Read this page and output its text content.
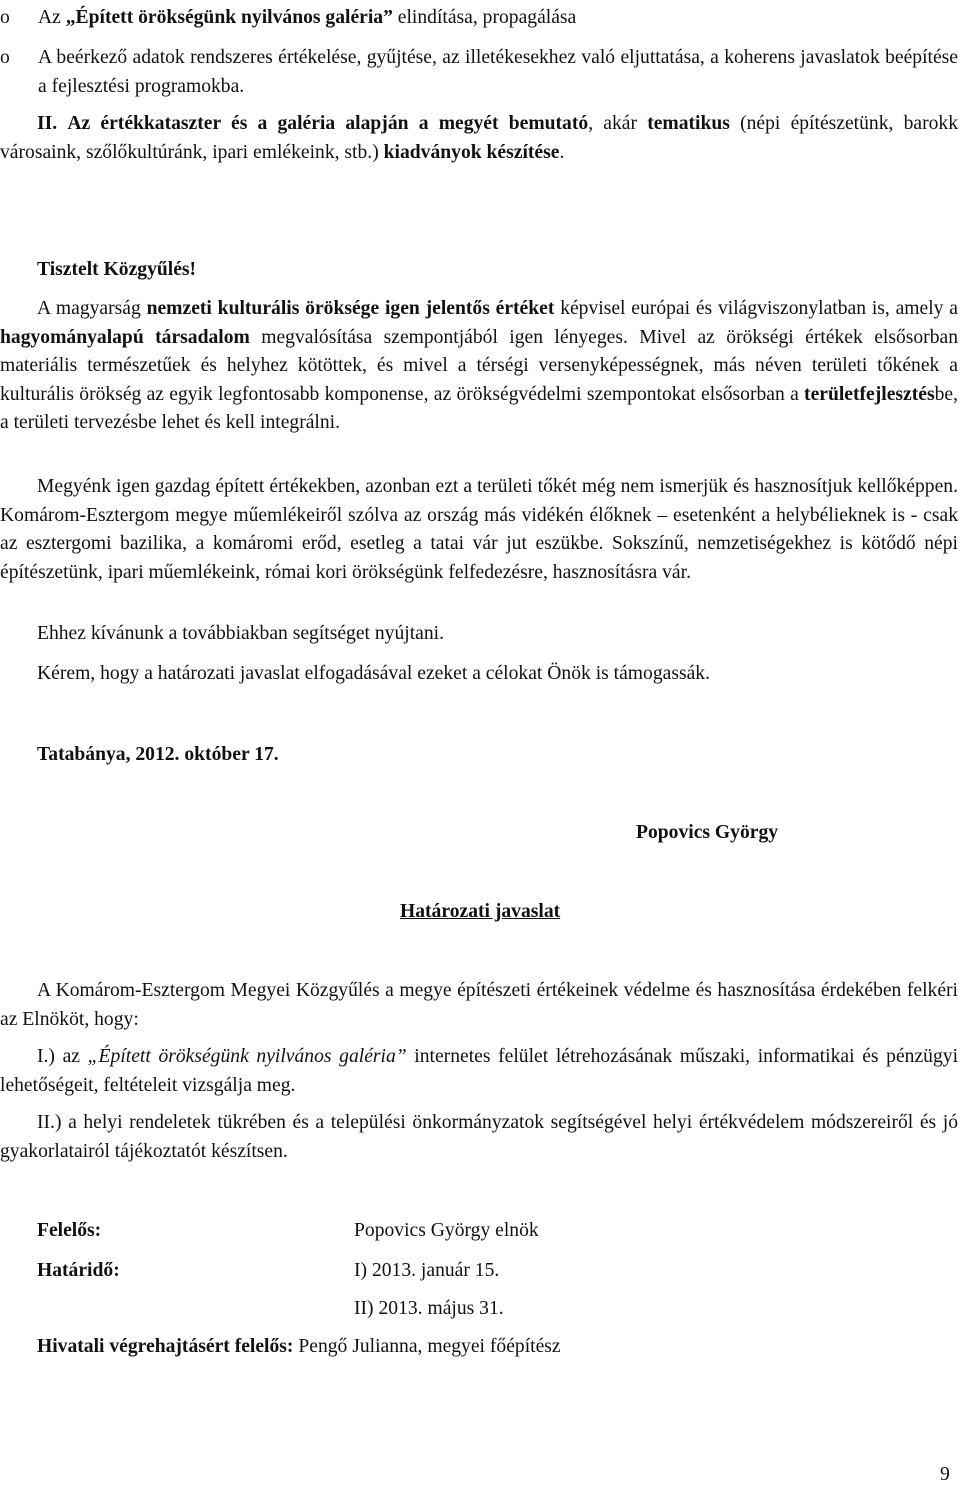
o Az „Épített örökségünk nyilvános galéria” elindítása, propagálása
o A beérkező adatok rendszeres értékelése, gyűjtése, az illetékesekhez való eljuttatása, a koherens javaslatok beépítése a fejlesztési programokba.
II. Az értékkataszter és a galéria alapján a megyét bemutató, akár tematikus (népi építészetünk, barokk városaink, szőlőkultúránk, ipari emlékeink, stb.) kiadványok készítése.
Tisztelt Közgyűlés!
A magyarság nemzeti kulturális öröksége igen jelentős értéket képvisel európai és világviszonylatban is, amely a hagyományalapú társadalom megvalósítása szempontjából igen lényeges. Mivel az örökségi értékek elsősorban materiális természetűek és helyhez kötöttek, és mivel a térségi versenyképességnek, más néven területi tőkének a kulturális örökség az egyik legfontosabb komponense, az örökségvédelmi szempontokat elsősorban a területfejlesztésbe, a területi tervezésbe lehet és kell integrálni.
Megyénk igen gazdag épített értékekben, azonban ezt a területi tőkét még nem ismerjük és hasznosítjuk kellőképpen. Komárom-Esztergom megye műemlékeiről szólva az ország más vidékén élőknek – esetenként a helybélieknek is - csak az esztergomi bazilika, a komáromi erőd, esetleg a tatai vár jut eszükbe. Sokszínű, nemzetiségekhez is kötődő népi építészetünk, ipari műemlékeink, római kori örökségünk felfedezésre, hasznosításra vár.
Ehhez kívánunk a továbbiakban segítséget nyújtani.
Kérem, hogy a határozati javaslat elfogadásával ezeket a célokat Önök is támogassák.
Tatabánya, 2012. október 17.
Popovics György
Határozati javaslat
A Komárom-Esztergom Megyei Közgyűlés a megye építészeti értékeinek védelme és hasznosítása érdekében felkéri az Elnököt, hogy:
I.) az „Épített örökségünk nyilvános galéria” internetes felület létrehozásának műszaki, informatikai és pénzügyi lehetőségeit, feltételeit vizsgálja meg.
II.) a helyi rendeletek tükrében és a települési önkormányzatok segítségével helyi értékvédelem módszereiről és jó gyakorlatairól tájékoztatót készítsen.
Felelős:	Popovics György elnök
Határidő:	I) 2013. január 15.
II) 2013. május 31.
Hivatali végrehajtásért felelős: Pengő Julianna, megyei főépítész
9
